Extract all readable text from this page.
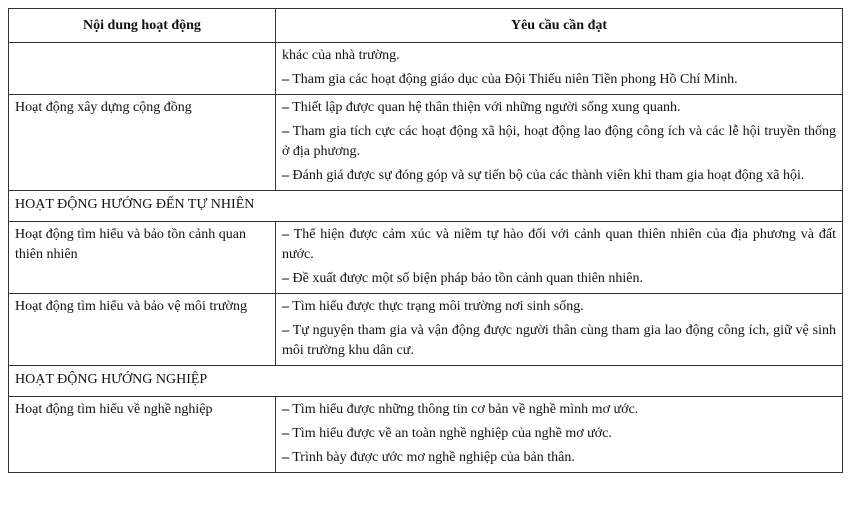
Nội dung hoạt động	Yêu cầu cần đạt

	khác của nhà trường.

– Tham gia các hoạt động giáo dục của Đội Thiếu niên Tiền phong Hồ Chí Minh.

Hoạt động xây dựng cộng đồng	– Thiết lập được quan hệ thân thiện với những người sống xung quanh.

– Tham gia tích cực các hoạt động xã hội, hoạt động lao động công ích và các lễ hội truyền thống ở địa phương.

– Đánh giá được sự đóng góp và sự tiến bộ của các thành viên khi tham gia hoạt động xã hội.

HOẠT ĐỘNG HƯỚNG ĐẾN TỰ NHIÊN	
Hoạt động tìm hiểu và bảo tồn cảnh quan thiên nhiên	– Thể hiện được cảm xúc và niềm tự hào đối với cảnh quan thiên nhiên của địa phương và đất nước.

– Đề xuất được một số biện pháp bảo tồn cảnh quan thiên nhiên.

Hoạt động tìm hiểu và bảo vệ môi trường	– Tìm hiểu được thực trạng môi trường nơi sinh sống.

– Tự nguyện tham gia và vận động được người thân cùng tham gia lao động công ích, giữ vệ sinh môi trường khu dân cư.

HOẠT ĐỘNG HƯỚNG NGHIỆP	
Hoạt động tìm hiểu về nghề nghiệp	– Tìm hiểu được những thông tin cơ bản về nghề mình mơ ước.

– Tìm hiểu được về an toàn nghề nghiệp của nghề mơ ước.

– Trình bày được ước mơ nghề nghiệp của bản thân.
